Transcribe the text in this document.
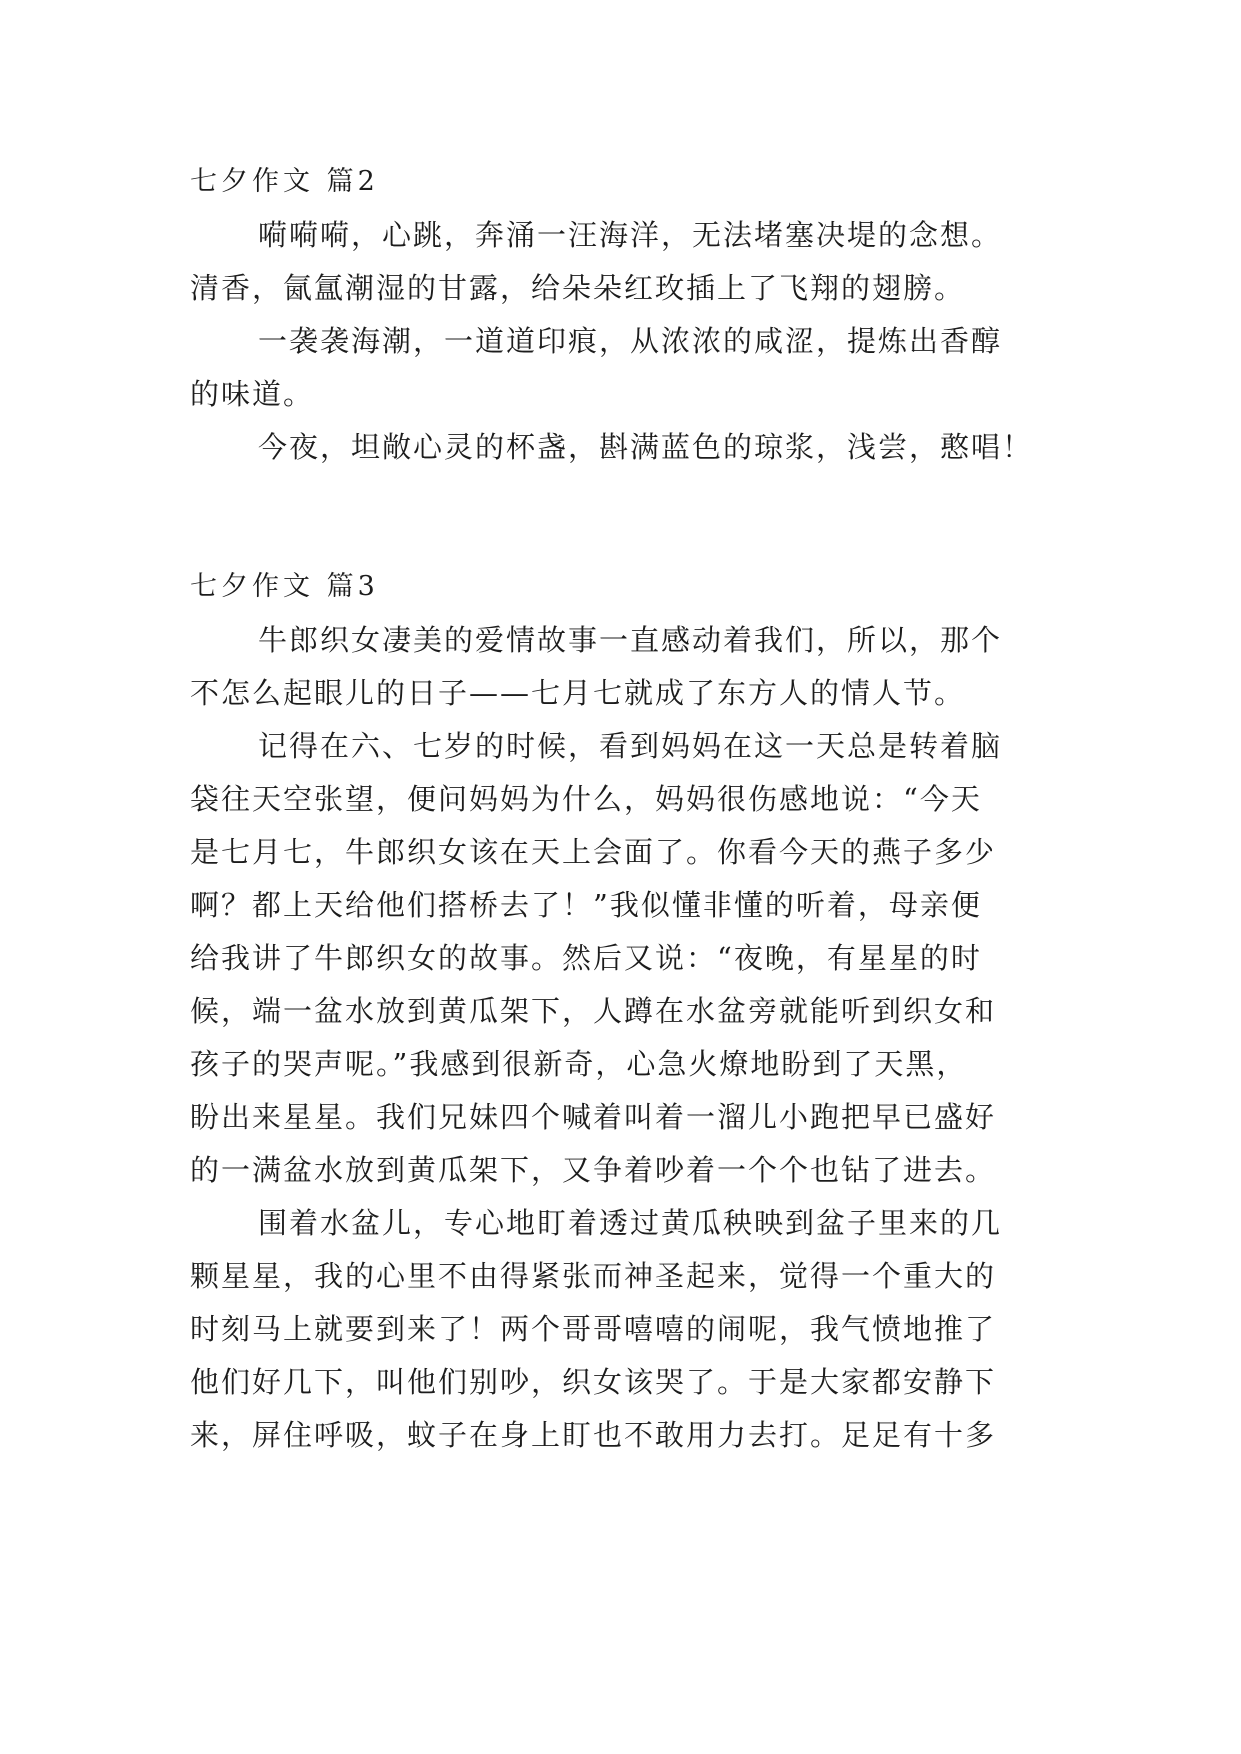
七夕作文 篇2
嗬嗬嗬，心跳，奔涌一汪海洋，无法堵塞决堤的念想。
清香，氤氲潮湿的甘露，给朵朵红玫插上了飞翔的翅膀。
一袭袭海潮，一道道印痕，从浓浓的咸涩，提炼出香醇
的味道。
今夜，坦敞心灵的杯盏，斟满蓝色的琼浆，浅尝，憨唱！
七夕作文 篇3
牛郎织女凄美的爱情故事一直感动着我们，所以，那个
不怎么起眼儿的日子——七月七就成了东方人的情人节。
记得在六、七岁的时候，看到妈妈在这一天总是转着脑
袋往天空张望，便问妈妈为什么，妈妈很伤感地说：“今天
是七月七，牛郎织女该在天上会面了。你看今天的燕子多少
啊？都上天给他们搭桥去了！”我似懂非懂的听着，母亲便
给我讲了牛郎织女的故事。然后又说：“夜晚，有星星的时
候，端一盆水放到黄瓜架下，人蹲在水盆旁就能听到织女和
孩子的哭声呢。”我感到很新奇，心急火燎地盼到了天黑，
盼出来星星。我们兄妹四个喊着叫着一溜儿小跑把早已盛好
的一满盆水放到黄瓜架下，又争着吵着一个个也钻了进去。
围着水盆儿，专心地盯着透过黄瓜秧映到盆子里来的几
颗星星，我的心里不由得紧张而神圣起来，觉得一个重大的
时刻马上就要到来了！两个哥哥嘻嘻的闹呢，我气愤地推了
他们好几下，叫他们别吵，织女该哭了。于是大家都安静下
来，屏住呼吸，蚊子在身上盯也不敢用力去打。足足有十多
